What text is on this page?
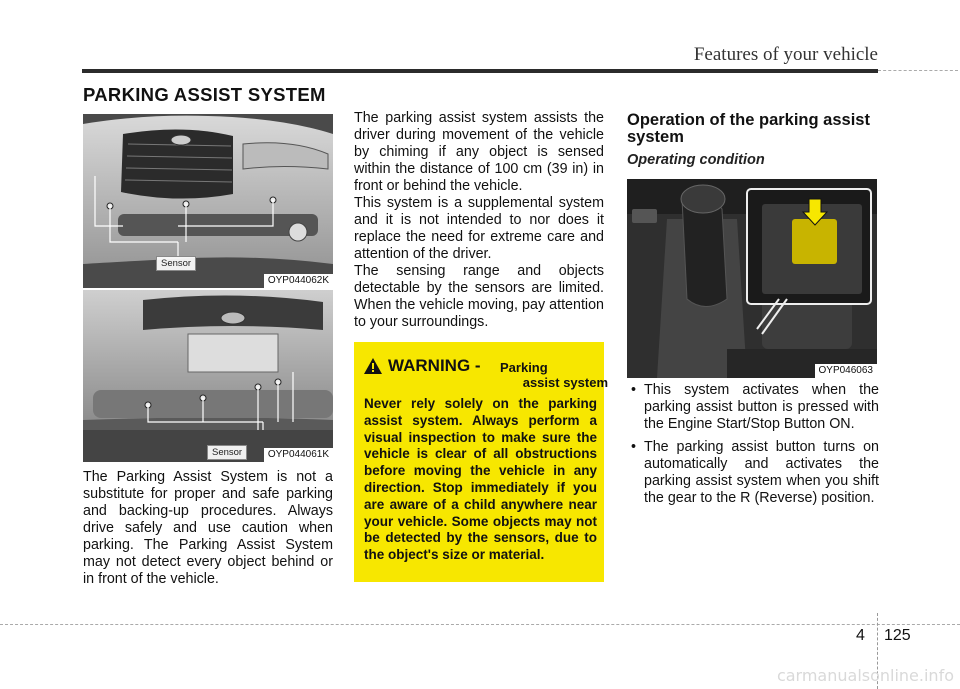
Features of your vehicle
PARKING ASSIST SYSTEM
Sensor
OYP044062K
Sensor	OYP044061K

The Parking Assist System is not a substitute for proper and safe parking and backing-up procedures. Always drive safely and use caution when parking. The Parking Assist System may not detect every object behind or in front of the vehicle.

The parking assist system assists the driver during movement of the vehicle by chiming if any object is sensed within the distance of 100 cm (39 in) in front or behind the vehicle.

This system is a supplemental system and it is not intended to nor does it replace the need for extreme care and attention of the driver.

The sensing range and objects detectable by the sensors are limited. When the vehicle moving, pay attention to your surroundings.

WARNING - Parking
assist system

Never rely solely on the parking assist system. Always perform a visual inspection to make sure the vehicle is clear of all obstructions before moving the vehicle in any direction. Stop immediately if you are aware of a child anywhere near your vehicle. Some objects may not be detected by the sensors, due to the object's size or material.

Operation of the parking assist system
Operating condition
OYP046063
• This system activates when the parking assist button is pressed with the Engine Start/Stop Button ON.
• The parking assist button turns on automatically and activates the parking assist system when you shift the gear to the R (Reverse) position.
4 125
carmanualsonline.info
